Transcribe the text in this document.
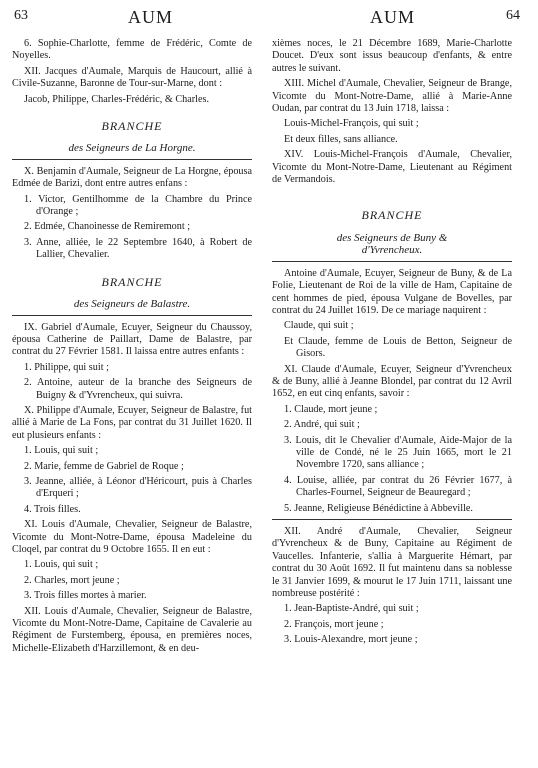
63	AUM	AUM	64

6. Sophie-Charlotte, femme de Frédéric, Comte de Noyelles.

XII. Jacques d'Aumale, Marquis de Haucourt, allié à Civile-Suzanne, Baronne de Tour-sur-Marne, dont :

Jacob, Philippe, Charles-Frédéric, & Charles.

BRANCHE
des Seigneurs de La Horgne.

X. Benjamin d'Aumale, Seigneur de La Horgne, épousa Edmée de Barizi, dont entre autres enfans :

1. Victor, Gentilhomme de la Chambre du Prince d'Orange ;

2. Edmée, Chanoinesse de Remiremont ;

3. Anne, alliée, le 22 Septembre 1640, à Robert de Lallier, Chevalier.

BRANCHE
des Seigneurs de Balastre.

IX. Gabriel d'Aumale, Ecuyer, Seigneur du Chaussoy, épousa Catherine de Paillart, Dame de Balastre, par contrat du 27 Février 1581. Il laissa entre autres enfants :

1. Philippe, qui suit ;

2. Antoine, auteur de la branche des Seigneurs de Buigny & d'Yvrencheux, qui suivra.

X. Philippe d'Aumale, Ecuyer, Seigneur de Balastre, fut allié à Marie de La Fons, par contrat du 31 Juillet 1620. Il eut plusieurs enfants :

1. Louis, qui suit ;

2. Marie, femme de Gabriel de Roque ;

3. Jeanne, alliée, à Léonor d'Héricourt, puis à Charles d'Erqueri ;

4. Trois filles.

XI. Louis d'Aumale, Chevalier, Seigneur de Balastre, Vicomte du Mont-Notre-Dame, épousa Madeleine du Cloqel, par contrat du 9 Octobre 1655. Il en eut :

1. Louis, qui suit ;

2. Charles, mort jeune ;

3. Trois filles mortes à marier.

XII. Louis d'Aumale, Chevalier, Seigneur de Balastre, Vicomte du Mont-Notre-Dame, Capitaine de Cavalerie au Régiment de Furstemberg, épousa, en premières noces, Michelle-Elizabeth d'Harzillemont, & en deu-

xièmes noces, le 21 Décembre 1689, Marie-Charlotte Doucet. D'eux sont issus beaucoup d'enfants, & entre autres le suivant.

XIII. Michel d'Aumale, Chevalier, Seigneur de Brange, Vicomte du Mont-Notre-Dame, allié à Marie-Anne Oudan, par contrat du 13 Juin 1718, laissa :

Louis-Michel-François, qui suit ;

Et deux filles, sans alliance.

XIV. Louis-Michel-François d'Aumale, Chevalier, Vicomte du Mont-Notre-Dame, Lieutenant au Régiment de Vermandois.

BRANCHE
des Seigneurs de Buny &
d'Yvrencheux.

Antoine d'Aumale, Ecuyer, Seigneur de Buny, & de La Folie, Lieutenant de Roi de la ville de Ham, Capitaine de cent hommes de pied, épousa Vulgane de Bovelles, par contrat du 24 Juillet 1619. De ce mariage naquirent :

Claude, qui suit ;

Et Claude, femme de Louis de Betton, Seigneur de Gisors.

XI. Claude d'Aumale, Ecuyer, Seigneur d'Yvrencheux & de Buny, allié à Jeanne Blondel, par contrat du 12 Avril 1652, en eut cinq enfants, savoir :

1. Claude, mort jeune ;

2. André, qui suit ;

3. Louis, dit le Chevalier d'Aumale, Aide-Major de la ville de Condé, né le 25 Juin 1665, mort le 21 Novembre 1720, sans alliance ;

4. Louise, alliée, par contrat du 26 Février 1677, à Charles-Fournel, Seigneur de Beauregard ;

5. Jeanne, Religieuse Bénédictine à Abbeville.

XII. André d'Aumale, Chevalier, Seigneur d'Yvrencheux & de Buny, Capitaine au Régiment de Vaucelles. Infanterie, s'allia à Marguerite Hémart, par contrat du 30 Août 1692. Il fut maintenu dans sa noblesse le 31 Janvier 1699, & mourut le 17 Juin 1711, laissant une nombreuse postérité :

1. Jean-Baptiste-André, qui suit ;

2. François, mort jeune ;

3. Louis-Alexandre, mort jeune ;
